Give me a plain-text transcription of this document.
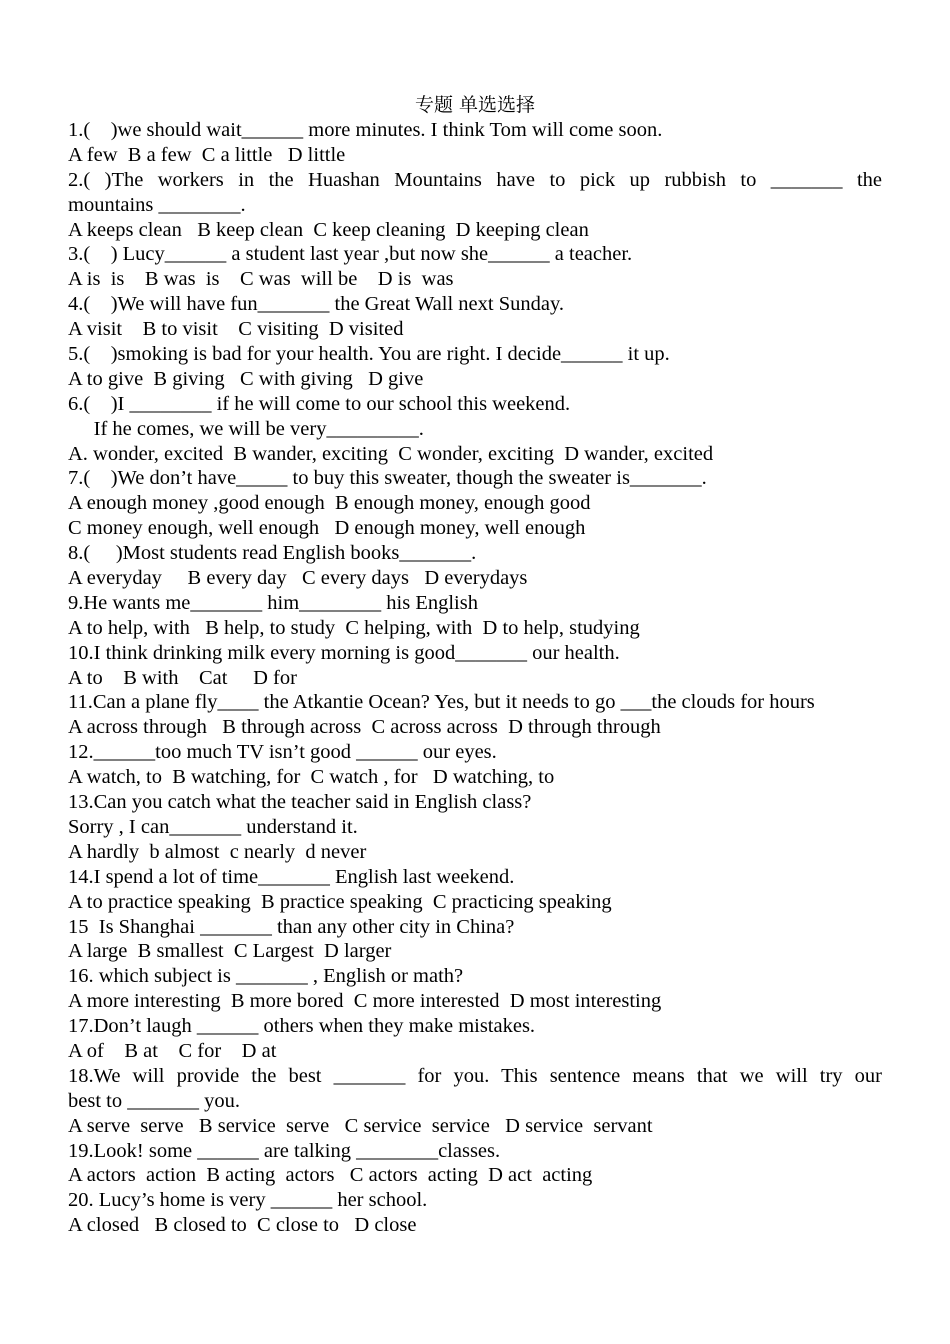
专题 单选选择
1.(    )we should wait______ more minutes. I think Tom will come soon.
A few  B a few  C a little   D little
2.( )The workers in the Huashan Mountains have to pick up rubbish to _______ the
mountains ________.
A keeps clean   B keep clean  C keep cleaning  D keeping clean
3.(    ) Lucy______ a student last year ,but now she______ a teacher.
A is  is    B was  is    C was  will be    D is  was
4.(    )We will have fun_______ the Great Wall next Sunday.
A visit    B to visit    C visiting  D visited
5.(    )smoking is bad for your health. You are right. I decide______ it up.
A to give  B giving   C with giving   D give
6.(    )I ________ if he will come to our school this weekend.
If he comes, we will be very_________.
A. wonder, excited  B wander, exciting  C wonder, exciting  D wander, excited
7.(    )We don’t have_____ to buy this sweater, though the sweater is_______.
A enough money ,good enough  B enough money, enough good
C money enough, well enough   D enough money, well enough
8.(     )Most students read English books_______.
A everyday     B every day   C every days   D everydays
9.He wants me_______ him________ his English
A to help, with   B help, to study  C helping, with  D to help, studying
10.I think drinking milk every morning is good_______ our health.
A to    B with    Cat     D for
11.Can a plane fly____ the Atkantie Ocean? Yes, but it needs to go ___the clouds for hours
A across through   B through across  C across across  D through through
12.______too much TV isn’t good ______ our eyes.
A watch, to  B watching, for  C watch , for   D watching, to
13.Can you catch what the teacher said in English class?
Sorry , I can_______ understand it.
A hardly  b almost  c nearly  d never
14.I spend a lot of time_______ English last weekend.
A to practice speaking  B practice speaking  C practicing speaking
15  Is Shanghai _______ than any other city in China?
A large  B smallest  C Largest  D larger
16. which subject is _______ , English or math?
A more interesting  B more bored  C more interested  D most interesting
17.Don’t laugh ______ others when they make mistakes.
A of    B at    C for    D at
18.We will provide the best _______ for you. This sentence means that we will try our
best to _______ you.
A serve  serve   B service  serve   C service  service   D service  servant
19.Look! some ______ are talking ________classes.
A actors  action  B acting  actors   C actors  acting  D act  acting
20. Lucy’s home is very ______ her school.
A closed   B closed to  C close to   D close
